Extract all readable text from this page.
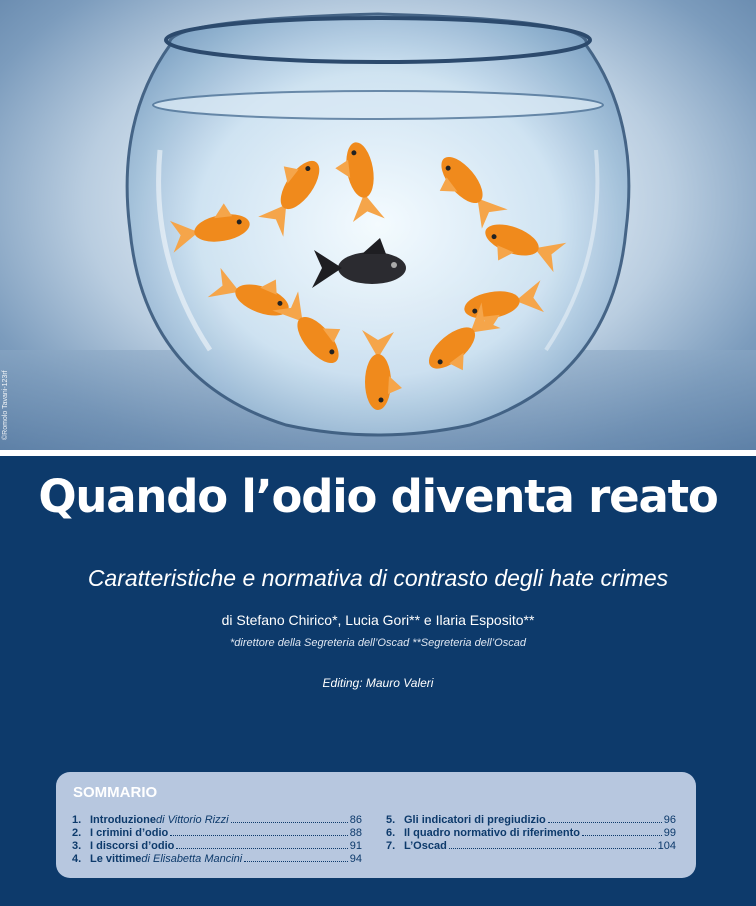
©Romolo Tavani-123rf
Quando l’odio diventa reato
Caratteristiche e normativa di contrasto degli hate crimes
di Stefano Chirico*, Lucia Gori** e Ilaria Esposito**
*direttore della Segreteria dell’Oscad **Segreteria dell’Oscad
Editing: Mauro Valeri
SOMMARIO
1. Introduzione di Vittorio Rizzi	86
2. I crimini d’odio	88
3. I discorsi d’odio	91
4. Le vittime di Elisabetta Mancini	94
5. Gli indicatori di pregiudizio	96
6. Il quadro normativo di riferimento	99
7. L’Oscad	104
